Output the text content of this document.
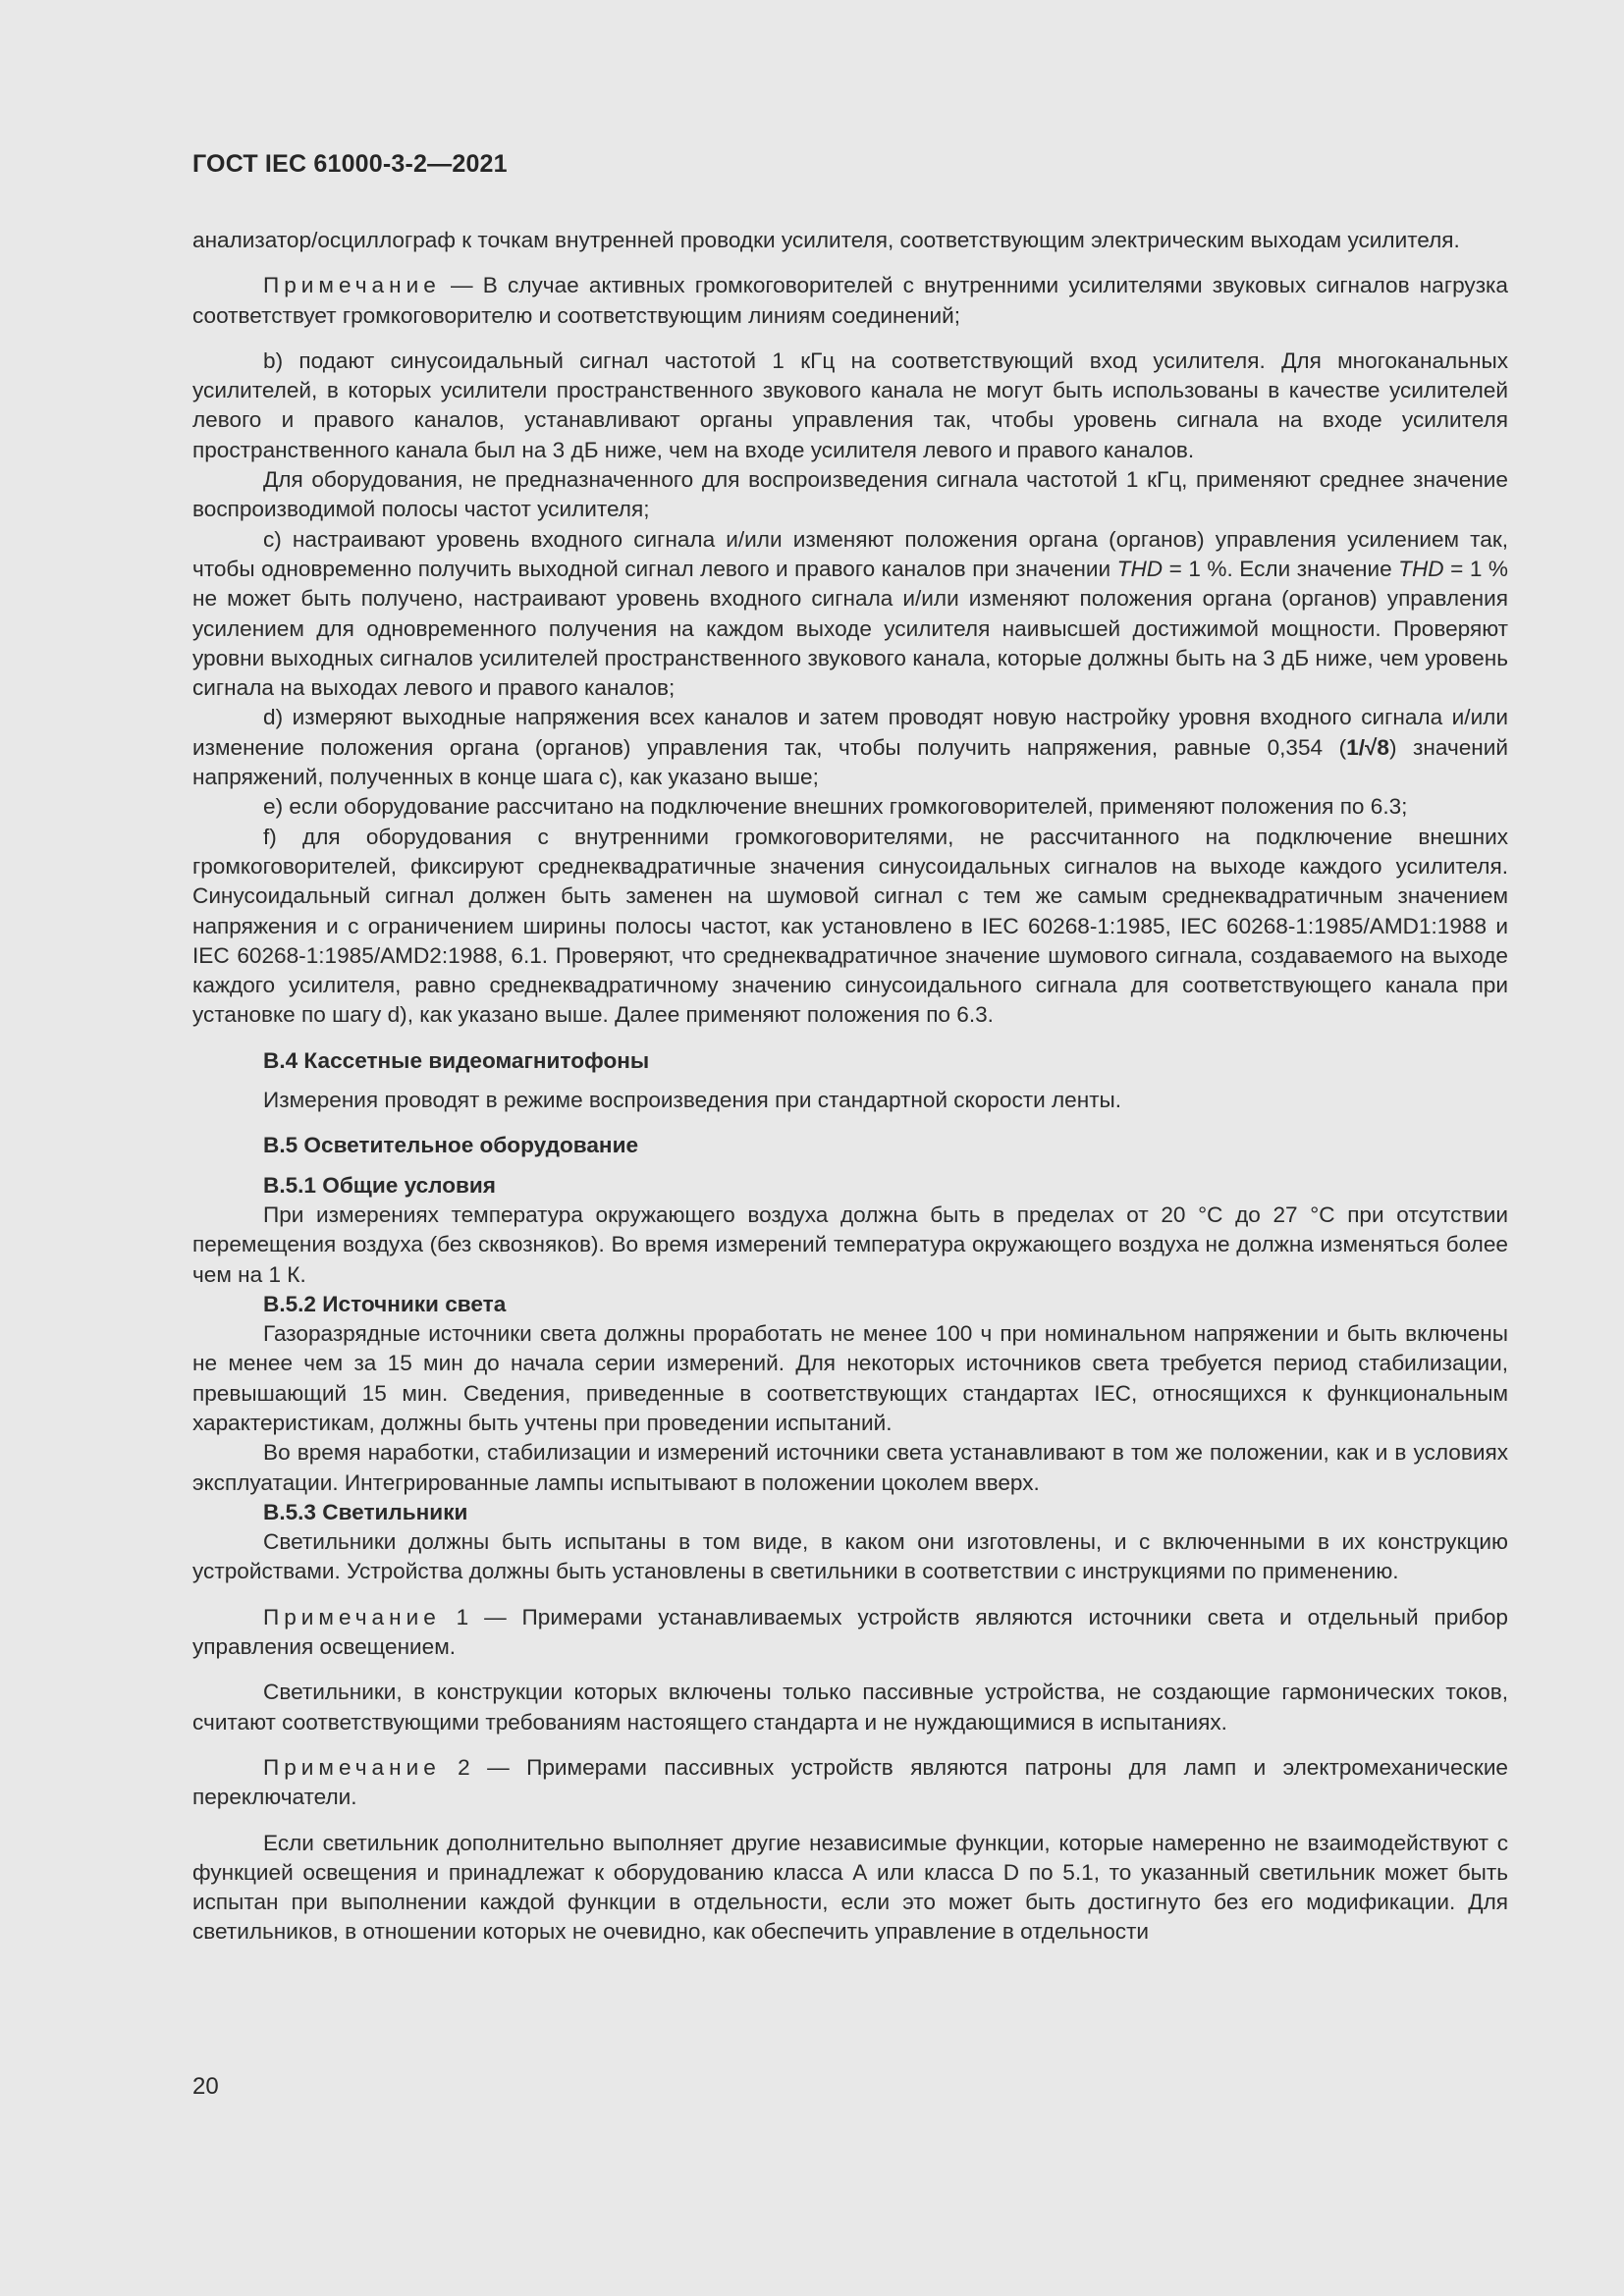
ГОСТ IEC 61000-3-2—2021

анализатор/осциллограф к точкам внутренней проводки усилителя, соответствующим электрическим выходам усилителя.

Примечание — В случае активных громкоговорителей с внутренними усилителями звуковых сигналов нагрузка соответствует громкоговорителю и соответствующим линиям соединений;

b) подают синусоидальный сигнал частотой 1 кГц на соответствующий вход усилителя. Для многоканальных усилителей, в которых усилители пространственного звукового канала не могут быть использованы в качестве усилителей левого и правого каналов, устанавливают органы управления так, чтобы уровень сигнала на входе усилителя пространственного канала был на 3 дБ ниже, чем на входе усилителя левого и правого каналов.

Для оборудования, не предназначенного для воспроизведения сигнала частотой 1 кГц, применяют среднее значение воспроизводимой полосы частот усилителя;

c) настраивают уровень входного сигнала и/или изменяют положения органа (органов) управления усилением так, чтобы одновременно получить выходной сигнал левого и правого каналов при значении THD = 1 %. Если значение THD = 1 % не может быть получено, настраивают уровень входного сигнала и/или изменяют положения органа (органов) управления усилением для одновременного получения на каждом выходе усилителя наивысшей достижимой мощности. Проверяют уровни выходных сигналов усилителей пространственного звукового канала, которые должны быть на 3 дБ ниже, чем уровень сигнала на выходах левого и правого каналов;

d) измеряют выходные напряжения всех каналов и затем проводят новую настройку уровня входного сигнала и/или изменение положения органа (органов) управления так, чтобы получить напряжения, равные 0,354 (1/√8) значений напряжений, полученных в конце шага с), как указано выше;

e) если оборудование рассчитано на подключение внешних громкоговорителей, применяют положения по 6.3;

f) для оборудования с внутренними громкоговорителями, не рассчитанного на подключение внешних громкоговорителей, фиксируют среднеквадратичные значения синусоидальных сигналов на выходе каждого усилителя. Синусоидальный сигнал должен быть заменен на шумовой сигнал с тем же самым среднеквадратичным значением напряжения и с ограничением ширины полосы частот, как установлено в IEC 60268-1:1985, IEC 60268-1:1985/AMD1:1988 и IEC 60268-1:1985/AMD2:1988, 6.1. Проверяют, что среднеквадратичное значение шумового сигнала, создаваемого на выходе каждого усилителя, равно среднеквадратичному значению синусоидального сигнала для соответствующего канала при установке по шагу d), как указано выше. Далее применяют положения по 6.3.

B.4 Кассетные видеомагнитофоны

Измерения проводят в режиме воспроизведения при стандартной скорости ленты.

B.5 Осветительное оборудование

B.5.1 Общие условия

При измерениях температура окружающего воздуха должна быть в пределах от 20 °С до 27 °С при отсутствии перемещения воздуха (без сквозняков). Во время измерений температура окружающего воздуха не должна изменяться более чем на 1 К.

B.5.2 Источники света

Газоразрядные источники света должны проработать не менее 100 ч при номинальном напряжении и быть включены не менее чем за 15 мин до начала серии измерений. Для некоторых источников света требуется период стабилизации, превышающий 15 мин. Сведения, приведенные в соответствующих стандартах IEC, относящихся к функциональным характеристикам, должны быть учтены при проведении испытаний.

Во время наработки, стабилизации и измерений источники света устанавливают в том же положении, как и в условиях эксплуатации. Интегрированные лампы испытывают в положении цоколем вверх.

B.5.3 Светильники

Светильники должны быть испытаны в том виде, в каком они изготовлены, и с включенными в их конструкцию устройствами. Устройства должны быть установлены в светильники в соответствии с инструкциями по применению.

Примечание 1 — Примерами устанавливаемых устройств являются источники света и отдельный прибор управления освещением.

Светильники, в конструкции которых включены только пассивные устройства, не создающие гармонических токов, считают соответствующими требованиям настоящего стандарта и не нуждающимися в испытаниях.

Примечание 2 — Примерами пассивных устройств являются патроны для ламп и электромеханические переключатели.

Если светильник дополнительно выполняет другие независимые функции, которые намеренно не взаимодействуют с функцией освещения и принадлежат к оборудованию класса А или класса D по 5.1, то указанный светильник может быть испытан при выполнении каждой функции в отдельности, если это может быть достигнуто без его модификации. Для светильников, в отношении которых не очевидно, как обеспечить управление в отдельности

20
